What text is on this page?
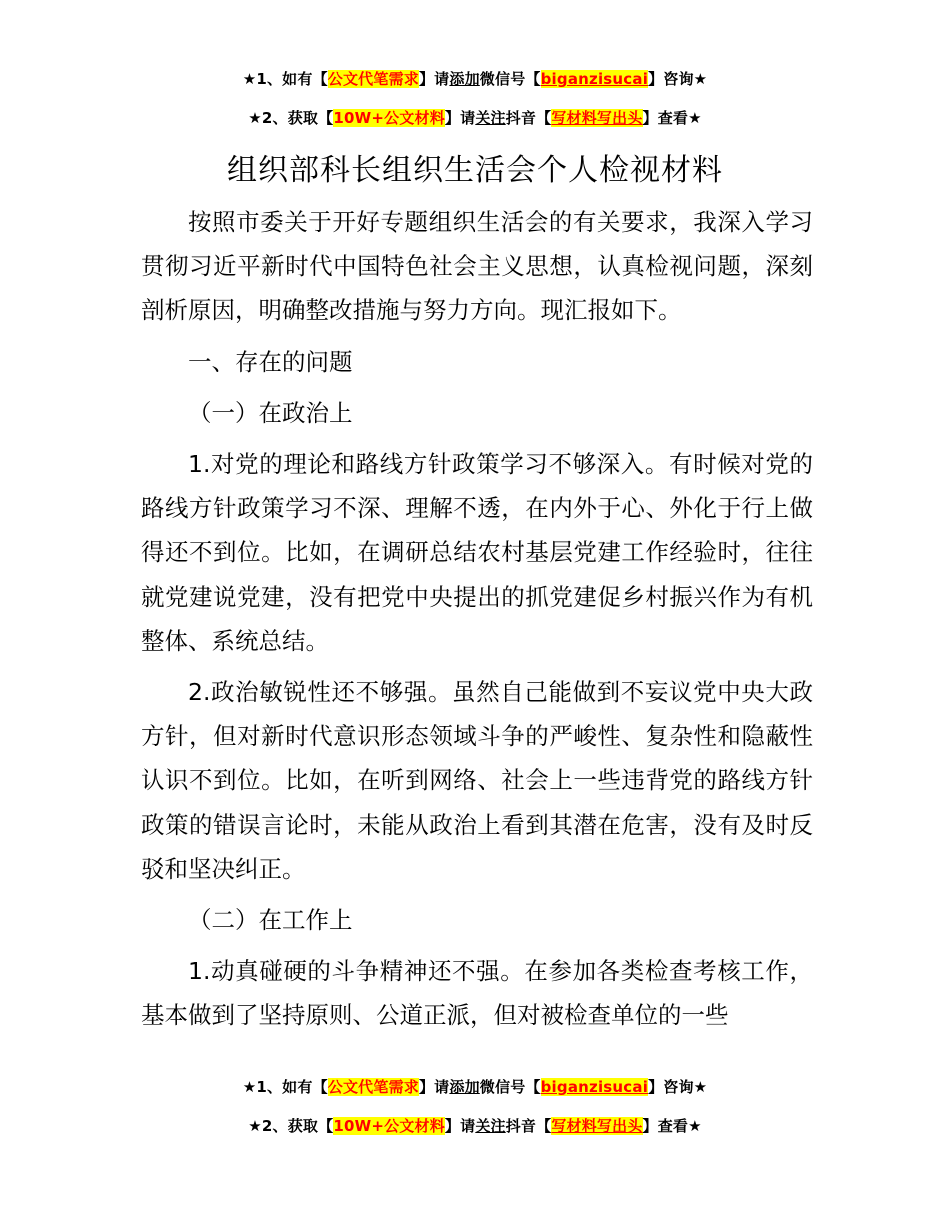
★1、如有【公文代笔需求】请添加微信号【biganzisucai】咨询★
★2、获取【10W+公文材料】请关注抖音【写材料写出头】查看★
组织部科长组织生活会个人检视材料

按照市委关于开好专题组织生活会的有关要求，我深入学习贯彻习近平新时代中国特色社会主义思想，认真检视问题，深刻剖析原因，明确整改措施与努力方向。现汇报如下。

一、存在的问题

（一）在政治上

1.对党的理论和路线方针政策学习不够深入。有时候对党的路线方针政策学习不深、理解不透，在内外于心、外化于行上做得还不到位。比如，在调研总结农村基层党建工作经验时，往往就党建说党建，没有把党中央提出的抓党建促乡村振兴作为有机整体、系统总结。

2.政治敏锐性还不够强。虽然自己能做到不妄议党中央大政方针，但对新时代意识形态领域斗争的严峻性、复杂性和隐蔽性认识不到位。比如，在听到网络、社会上一些违背党的路线方针政策的错误言论时，未能从政治上看到其潜在危害，没有及时反驳和坚决纠正。

（二）在工作上

1.动真碰硬的斗争精神还不强。在参加各类检查考核工作，基本做到了坚持原则、公道正派，但对被检查单位的一些

★1、如有【公文代笔需求】请添加微信号【biganzisucai】咨询★
★2、获取【10W+公文材料】请关注抖音【写材料写出头】查看★
